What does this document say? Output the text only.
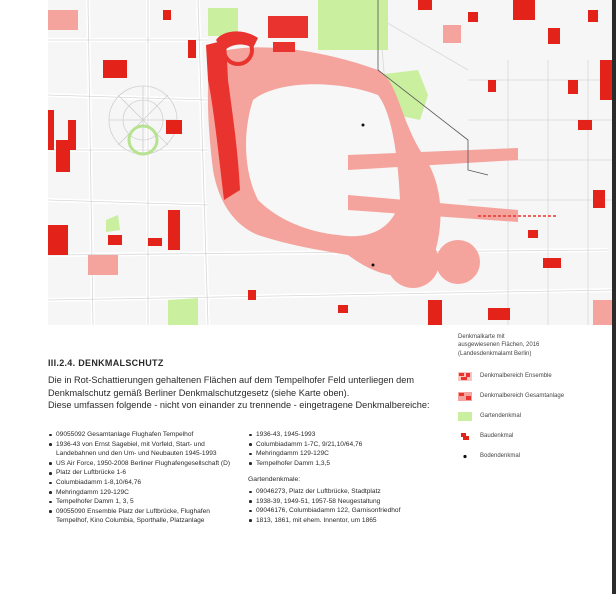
III.2.4. DENKMALSCHUTZ

Die in Rot-Schattierungen gehaltenen Flächen auf dem Tempelhofer Feld unterliegen dem

Denkmalschutz gemäß Berliner Denkmalschutzgesetz (siehe Karte oben).

Diese umfassen folgende - nicht von einander zu trennende - eingetragene Denkmalbereiche:

09055092 Gesamtanlage Flughafen Tempelhof
1936-43 von Ernst Sagebiel, mit Vorfeld, Start- und Landebahnen und den Um- und Neubauten 1945-1993
US Air Force, 1950-2008 Berliner Flughafengesellschaft (D)
Platz der Luftbrücke 1-6
Columbiadamm 1-8,10/64,76
Mehringdamm 129-129C
Tempelhofer Damm 1, 3, 5
09055090 Ensemble Platz der Luftbrücke, Flughafen Tempelhof, Kino Columbia, Sporthalle, Platzanlage
1936-43, 1945-1993
Columbiadamm 1-7C, 9/21,10/64,76
Mehringdamm 129-129C
Tempelhofer Damm 1,3,5
Gartendenkmale:
09046273, Platz der Luftbrücke, Stadtplatz
1938-39, 1949-51, 1957-58 Neugestaltung
09046176, Columbiadamm 122, Garnisonfriedhof
1813, 1861, mit ehem. Innentor, um 1865
Denkmalkarte mit
ausgewiesenen Flächen, 2016
(Landesdenkmalamt Berlin)
Denkmalbereich Ensemble
Denkmalbereich Gesamtanlage
Gartendenkmal
Baudenkmal
Bodendenkmal
